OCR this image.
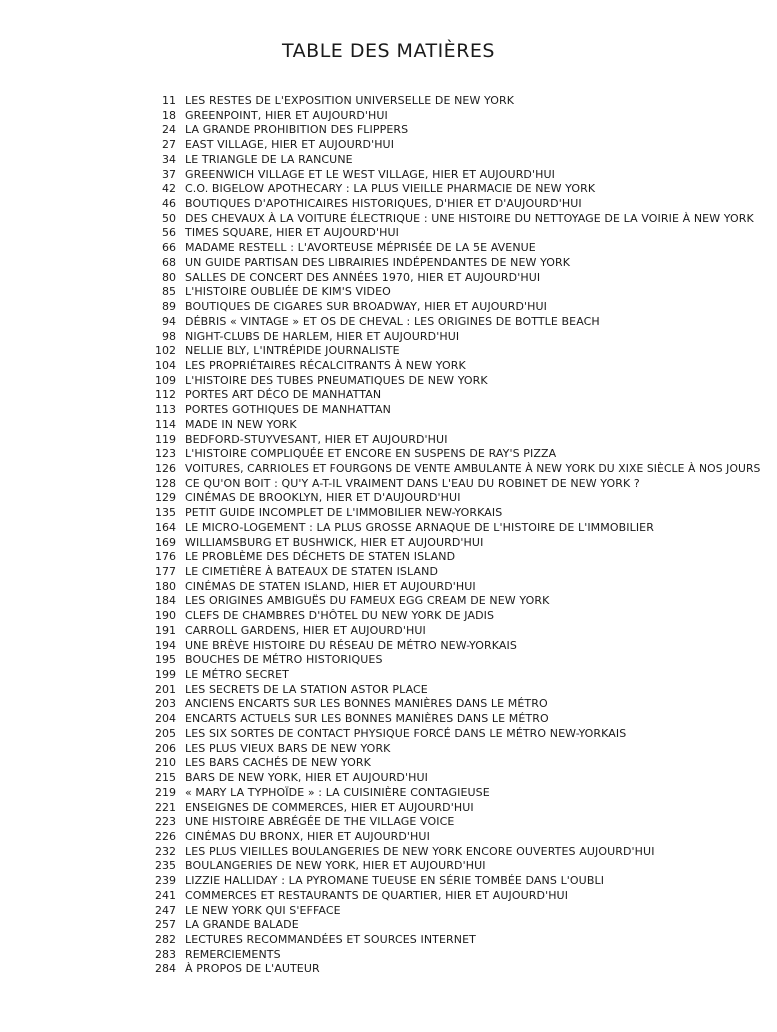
TABLE DES MATIÈRES
11 LES RESTES DE L'EXPOSITION UNIVERSELLE DE NEW YORK
18 GREENPOINT, HIER ET AUJOURD'HUI
24 LA GRANDE PROHIBITION DES FLIPPERS
27 EAST VILLAGE, HIER ET AUJOURD'HUI
34 LE TRIANGLE DE LA RANCUNE
37 GREENWICH VILLAGE ET LE WEST VILLAGE, HIER ET AUJOURD'HUI
42 C.O. BIGELOW APOTHECARY : LA PLUS VIEILLE PHARMACIE DE NEW YORK
46 BOUTIQUES D'APOTHICAIRES HISTORIQUES, D'HIER ET D'AUJOURD'HUI
50 DES CHEVAUX À LA VOITURE ÉLECTRIQUE : UNE HISTOIRE DU NETTOYAGE DE LA VOIRIE À NEW YORK
56 TIMES SQUARE, HIER ET AUJOURD'HUI
66 MADAME RESTELL : L'AVORTEUSE MÉPRISÉE DE LA 5E AVENUE
68 UN GUIDE PARTISAN DES LIBRAIRIES INDÉPENDANTES DE NEW YORK
80 SALLES DE CONCERT DES ANNÉES 1970, HIER ET AUJOURD'HUI
85 L'HISTOIRE OUBLIÉE DE KIM'S VIDEO
89 BOUTIQUES DE CIGARES SUR BROADWAY, HIER ET AUJOURD'HUI
94 DÉBRIS « VINTAGE » ET OS DE CHEVAL : LES ORIGINES DE BOTTLE BEACH
98 NIGHT-CLUBS DE HARLEM, HIER ET AUJOURD'HUI
102 NELLIE BLY, L'INTRÉPIDE JOURNALISTE
104 LES PROPRIÉTAIRES RÉCALCITRANTS À NEW YORK
109 L'HISTOIRE DES TUBES PNEUMATIQUES DE NEW YORK
112 PORTES ART DÉCO DE MANHATTAN
113 PORTES GOTHIQUES DE MANHATTAN
114 MADE IN NEW YORK
119 BEDFORD-STUYVESANT, HIER ET AUJOURD'HUI
123 L'HISTOIRE COMPLIQUÉE ET ENCORE EN SUSPENS DE RAY'S PIZZA
126 VOITURES, CARRIOLES ET FOURGONS DE VENTE AMBULANTE À NEW YORK DU XIXE SIÈCLE À NOS JOURS
128 CE QU'ON BOIT : QU'Y A-T-IL VRAIMENT DANS L'EAU DU ROBINET DE NEW YORK ?
129 CINÉMAS DE BROOKLYN, HIER ET D'AUJOURD'HUI
135 PETIT GUIDE INCOMPLET DE L'IMMOBILIER NEW-YORKAIS
164 LE MICRO-LOGEMENT : LA PLUS GROSSE ARNAQUE DE L'HISTOIRE DE L'IMMOBILIER
169 WILLIAMSBURG ET BUSHWICK, HIER ET AUJOURD'HUI
176 LE PROBLÈME DES DÉCHETS DE STATEN ISLAND
177 LE CIMETIÈRE À BATEAUX DE STATEN ISLAND
180 CINÉMAS DE STATEN ISLAND, HIER ET AUJOURD'HUI
184 LES ORIGINES AMBIGUËS DU FAMEUX EGG CREAM DE NEW YORK
190 CLEFS DE CHAMBRES D'HÔTEL DU NEW YORK DE JADIS
191 CARROLL GARDENS, HIER ET AUJOURD'HUI
194 UNE BRÈVE HISTOIRE DU RÉSEAU DE MÉTRO NEW-YORKAIS
195 BOUCHES DE MÉTRO HISTORIQUES
199 LE MÉTRO SECRET
201 LES SECRETS DE LA STATION ASTOR PLACE
203 ANCIENS ENCARTS SUR LES BONNES MANIÈRES DANS LE MÉTRO
204 ENCARTS ACTUELS SUR LES BONNES MANIÈRES DANS LE MÉTRO
205 LES SIX SORTES DE CONTACT PHYSIQUE FORCÉ DANS LE MÉTRO NEW-YORKAIS
206 LES PLUS VIEUX BARS DE NEW YORK
210 LES BARS CACHÉS DE NEW YORK
215 BARS DE NEW YORK, HIER ET AUJOURD'HUI
219 « MARY LA TYPHOÏDE » : LA CUISINIÈRE CONTAGIEUSE
221 ENSEIGNES DE COMMERCES, HIER ET AUJOURD'HUI
223 UNE HISTOIRE ABRÉGÉE DE THE VILLAGE VOICE
226 CINÉMAS DU BRONX, HIER ET AUJOURD'HUI
232 LES PLUS VIEILLES BOULANGERIES DE NEW YORK ENCORE OUVERTES AUJOURD'HUI
235 BOULANGERIES DE NEW YORK, HIER ET AUJOURD'HUI
239 LIZZIE HALLIDAY : LA PYROMANE TUEUSE EN SÉRIE TOMBÉE DANS L'OUBLI
241 COMMERCES ET RESTAURANTS DE QUARTIER, HIER ET AUJOURD'HUI
247 LE NEW YORK QUI S'EFFACE
257 LA GRANDE BALADE
282 LECTURES RECOMMANDÉES ET SOURCES INTERNET
283 REMERCIEMENTS
284 À PROPOS DE L'AUTEUR
